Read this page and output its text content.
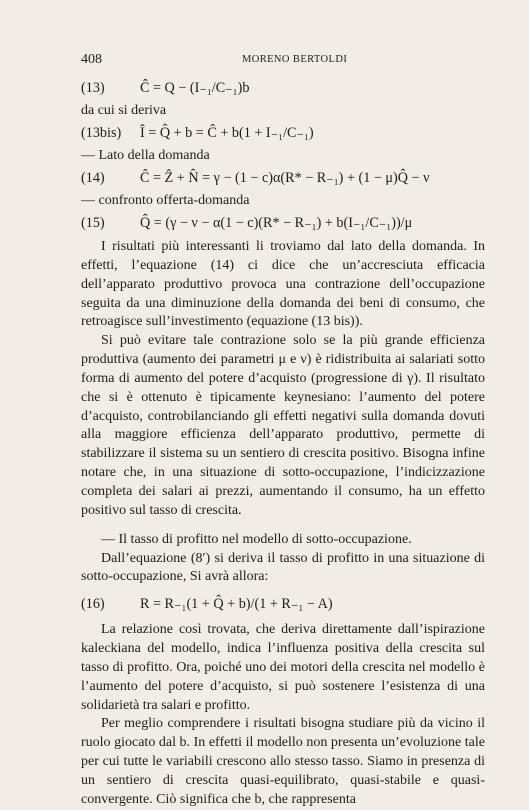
408	MORENO BERTOLDI
(13)	Ĉ = Q − (I₋₁/C₋₁)b
da cui si deriva
(13bis)	Î = Q̂ + b = Ĉ + b(1 + I₋₁/C₋₁)
— Lato della domanda
(14)	Ĉ = Ẑ + N̂ = γ − (1 − c)α(R* − R₋₁) + (1 − μ)Q̂ − ν
— confronto offerta-domanda
(15)	Q̂ = (γ − ν − α(1 − c)(R* − R₋₁) + b(I₋₁/C₋₁))/μ

I risultati più interessanti li troviamo dal lato della domanda. In effetti, l’equazione (14) ci dice che un’accresciuta efficacia dell’apparato produttivo provoca una contrazione dell’occupazione seguita da una diminuzione della domanda dei beni di consumo, che retroagisce sull’investimento (equazione (13 bis)).

Si può evitare tale contrazione solo se la più grande efficienza produttiva (aumento dei parametri μ e ν) è ridistribuita ai salariati sotto forma di aumento del potere d’acquisto (progressione di γ). Il risultato che si è ottenuto è tipicamente keynesiano: l’aumento del potere d’acquisto, controbilanciando gli effetti negativi sulla domanda dovuti alla maggiore efficienza dell’apparato produttivo, permette di stabilizzare il sistema su un sentiero di crescita positivo. Bisogna infine notare che, in una situazione di sotto-occupazione, l’indicizzazione completa dei salari ai prezzi, aumentando il consumo, ha un effetto positivo sul tasso di crescita.

— Il tasso di profitto nel modello di sotto-occupazione.

Dall’equazione (8′) si deriva il tasso di profitto in una situazione di sotto-occupazione, Si avrà allora:

(16)	R = R₋₁(1 + Q̂ + b)/(1 + R₋₁ − A)

La relazione così trovata, che deriva direttamente dall’ispirazione kaleckiana del modello, indica l’influenza positiva della crescita sul tasso di profitto. Ora, poiché uno dei motori della crescita nel modello è l’aumento del potere d’acquisto, si può sostenere l’esistenza di una solidarietà tra salari e profitto.

Per meglio comprendere i risultati bisogna studiare più da vicino il ruolo giocato dal b. In effetti il modello non presenta un’evoluzione tale per cui tutte le variabili crescono allo stesso tasso. Siamo in presenza di un sentiero di crescita quasi-equilibrato, quasi-stabile e quasi-convergente. Ciò significa che b, che rappresenta
